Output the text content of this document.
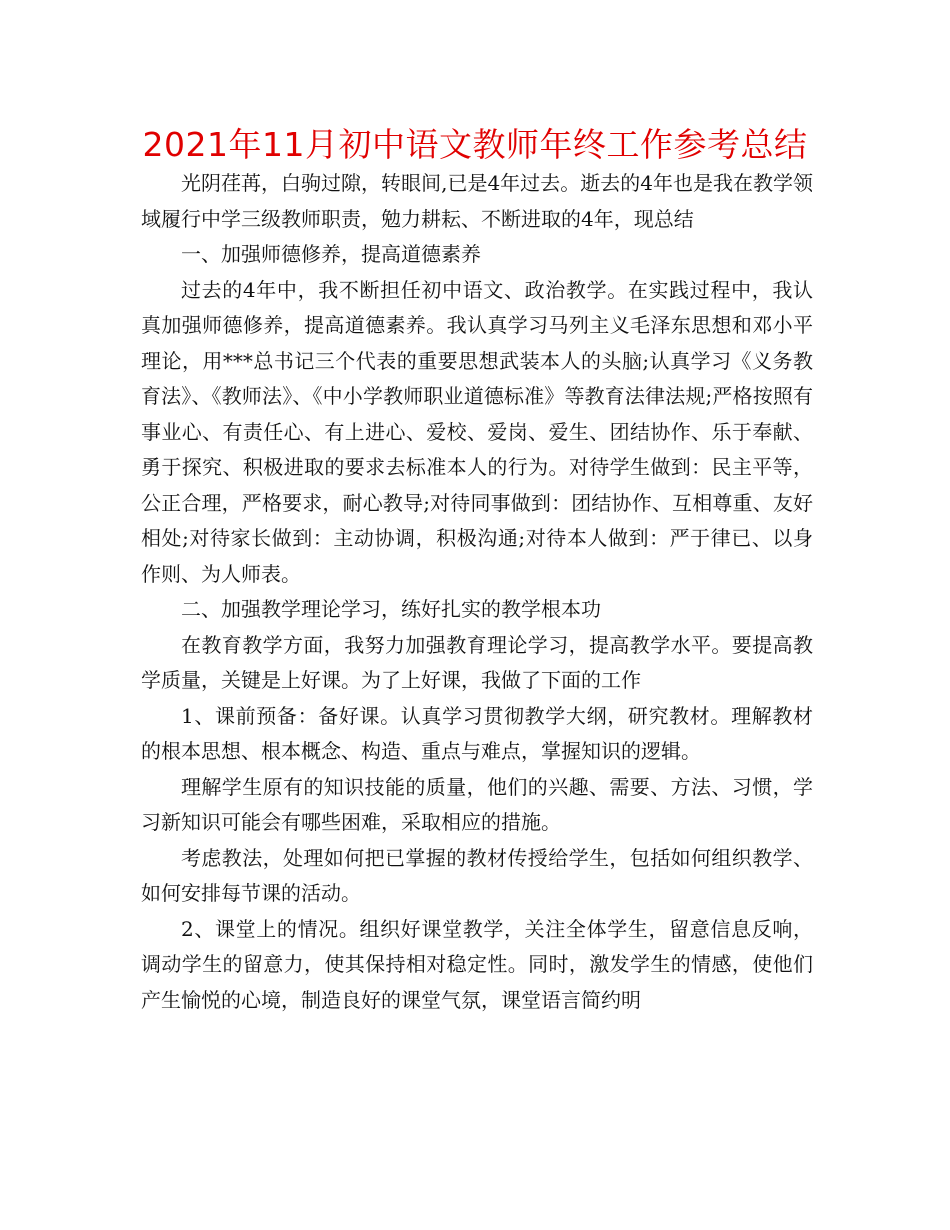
2021年11月初中语文教师年终工作参考总结

光阴荏苒，白驹过隙，转眼间,已是4年过去。逝去的4年也是我在教学领域履行中学三级教师职责，勉力耕耘、不断进取的4年，现总结

一、加强师德修养，提高道德素养

过去的4年中，我不断担任初中语文、政治教学。在实践过程中，我认真加强师德修养，提高道德素养。我认真学习马列主义毛泽东思想和邓小平理论，用***总书记三个代表的重要思想武装本人的头脑;认真学习《义务教育法》、《教师法》、《中小学教师职业道德标准》等教育法律法规;严格按照有事业心、有责任心、有上进心、爱校、爱岗、爱生、团结协作、乐于奉献、勇于探究、积极进取的要求去标准本人的行为。对待学生做到：民主平等，公正合理，严格要求，耐心教导;对待同事做到：团结协作、互相尊重、友好相处;对待家长做到：主动协调，积极沟通;对待本人做到：严于律已、以身作则、为人师表。

二、加强教学理论学习，练好扎实的教学根本功

在教育教学方面，我努力加强教育理论学习，提高教学水平。要提高教学质量，关键是上好课。为了上好课，我做了下面的工作

1、课前预备：备好课。认真学习贯彻教学大纲，研究教材。理解教材的根本思想、根本概念、构造、重点与难点，掌握知识的逻辑。

理解学生原有的知识技能的质量，他们的兴趣、需要、方法、习惯，学习新知识可能会有哪些困难，采取相应的措施。

考虑教法，处理如何把已掌握的教材传授给学生，包括如何组织教学、如何安排每节课的活动。

2、课堂上的情况。组织好课堂教学，关注全体学生，留意信息反响，调动学生的留意力，使其保持相对稳定性。同时，激发学生的情感，使他们产生愉悦的心境，制造良好的课堂气氛，课堂语言简约明
